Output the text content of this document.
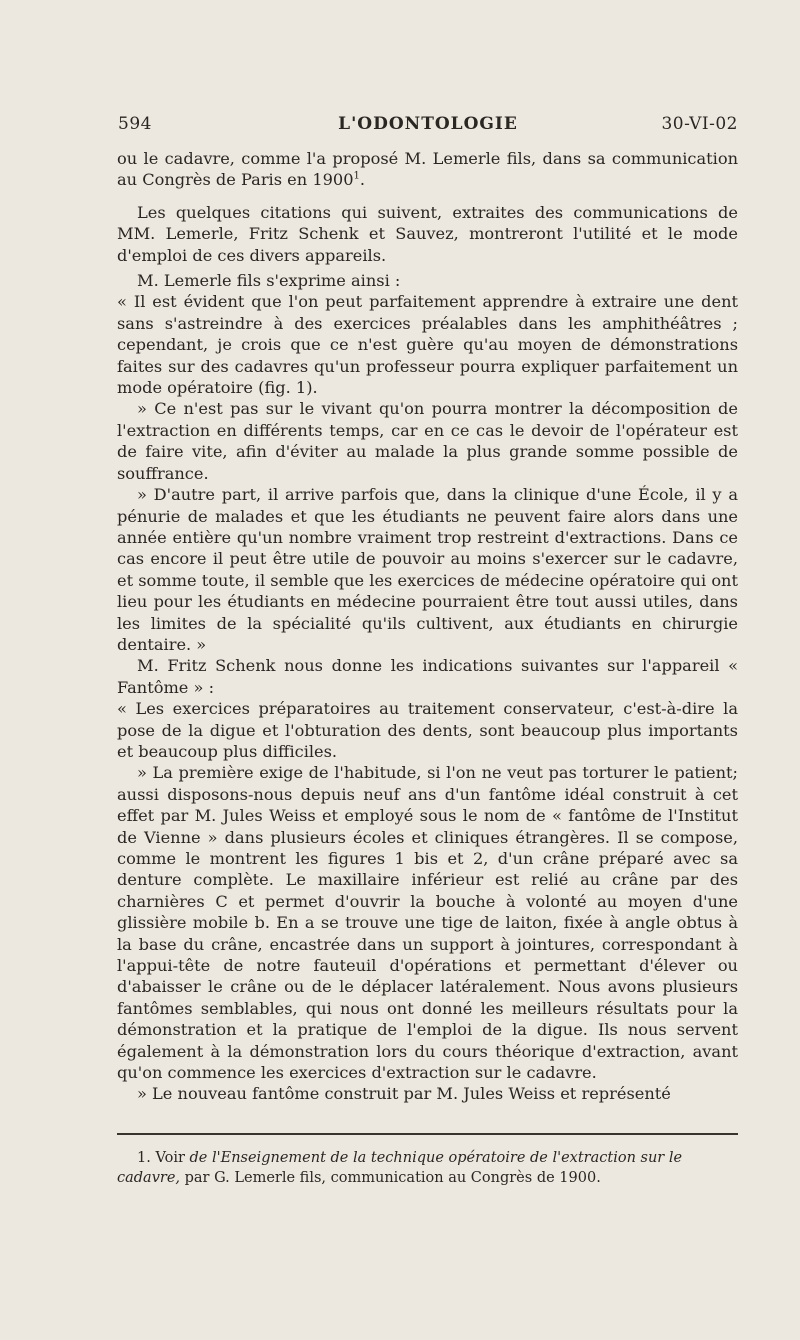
594	L'ODONTOLOGIE	30-VI-02

ou le cadavre, comme l'a proposé M. Lemerle fils, dans sa communication au Congrès de Paris en 1900$^1$.

Les quelques citations qui suivent, extraites des communications de MM. Lemerle, Fritz Schenk et Sauvez, montreront l'utilité et le mode d'emploi de ces divers appareils.

M. Lemerle fils s'exprime ainsi :

« Il est évident que l'on peut parfaitement apprendre à extraire une dent sans s'astreindre à des exercices préalables dans les amphithéâtres ; cependant, je crois que ce n'est guère qu'au moyen de démonstrations faites sur des cadavres qu'un professeur pourra expliquer parfaitement un mode opératoire (fig. 1).

» Ce n'est pas sur le vivant qu'on pourra montrer la décomposition de l'extraction en différents temps, car en ce cas le devoir de l'opérateur est de faire vite, afin d'éviter au malade la plus grande somme possible de souffrance.

» D'autre part, il arrive parfois que, dans la clinique d'une École, il y a pénurie de malades et que les étudiants ne peuvent faire alors dans une année entière qu'un nombre vraiment trop restreint d'extractions. Dans ce cas encore il peut être utile de pouvoir au moins s'exercer sur le cadavre, et somme toute, il semble que les exercices de médecine opératoire qui ont lieu pour les étudiants en médecine pourraient être tout aussi utiles, dans les limites de la spécialité qu'ils cultivent, aux étudiants en chirurgie dentaire. »

M. Fritz Schenk nous donne les indications suivantes sur l'appareil « Fantôme » :

« Les exercices préparatoires au traitement conservateur, c'est-à-dire la pose de la digue et l'obturation des dents, sont beaucoup plus importants et beaucoup plus difficiles.

» La première exige de l'habitude, si l'on ne veut pas torturer le patient; aussi disposons-nous depuis neuf ans d'un fantôme idéal construit à cet effet par M. Jules Weiss et employé sous le nom de « fantôme de l'Institut de Vienne » dans plusieurs écoles et cliniques étrangères. Il se compose, comme le montrent les figures 1 bis et 2, d'un crâne préparé avec sa denture complète. Le maxillaire inférieur est relié au crâne par des charnières C et permet d'ouvrir la bouche à volonté au moyen d'une glissière mobile b. En a se trouve une tige de laiton, fixée à angle obtus à la base du crâne, encastrée dans un support à jointures, correspondant à l'appui-tête de notre fauteuil d'opérations et permettant d'élever ou d'abaisser le crâne ou de le déplacer latéralement. Nous avons plusieurs fantômes semblables, qui nous ont donné les meilleurs résultats pour la démonstration et la pratique de l'emploi de la digue. Ils nous servent également à la démonstration lors du cours théorique d'extraction, avant qu'on commence les exercices d'extraction sur le cadavre.

» Le nouveau fantôme construit par M. Jules Weiss et représenté

1. Voir de l'Enseignement de la technique opératoire de l'extraction sur le cadavre, par G. Lemerle fils, communication au Congrès de 1900.
